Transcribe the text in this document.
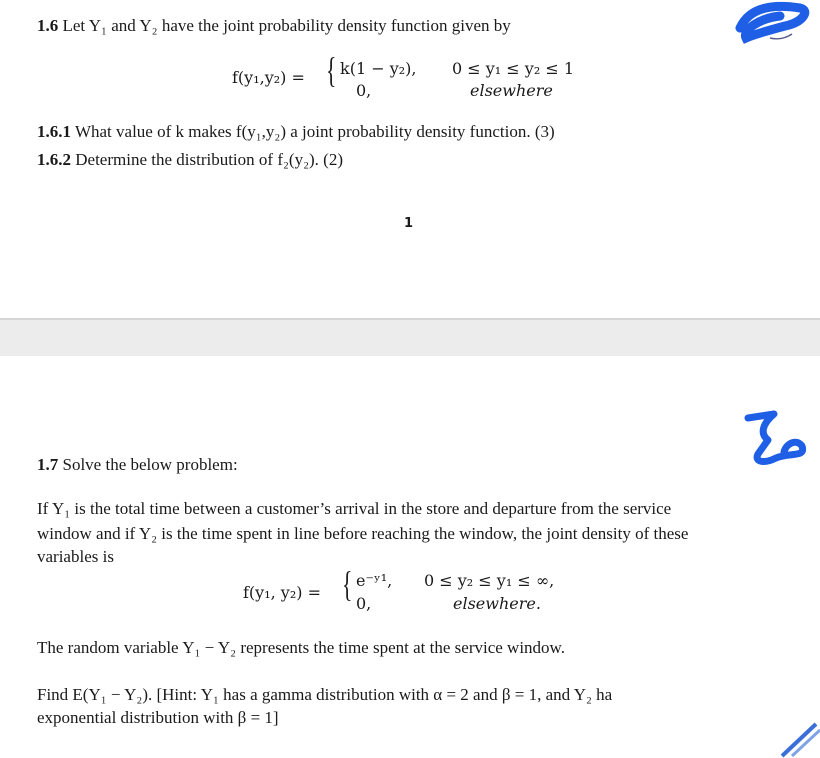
1.6 Let Y₁ and Y₂ have the joint probability density function given by
f(y₁,y₂) = { k(1 − y₂), 0 ≤ y₁ ≤ y₂ ≤ 1
0,	elsewhere
1.6.1 What value of k makes f(y₁,y₂) a joint probability density function. (3)
1.6.2 Determine the distribution of f₂(y₂). (2)
1
1.7 Solve the below problem:
If Y₁ is the total time between a customer’s arrival in the store and departure from the service
window and if Y₂ is the time spent in line before reaching the window, the joint density of these
variables is
f(y₁, y₂) = { e⁻ʸ¹, 0 ≤ y₂ ≤ y₁ ≤ ∞,
0,	elsewhere.
The random variable Y₁ − Y₂ represents the time spent at the service window.
Find E(Y₁ − Y₂). [Hint: Y₁ has a gamma distribution with α = 2 and β = 1, and Y₂ ha
exponential distribution with β = 1]
